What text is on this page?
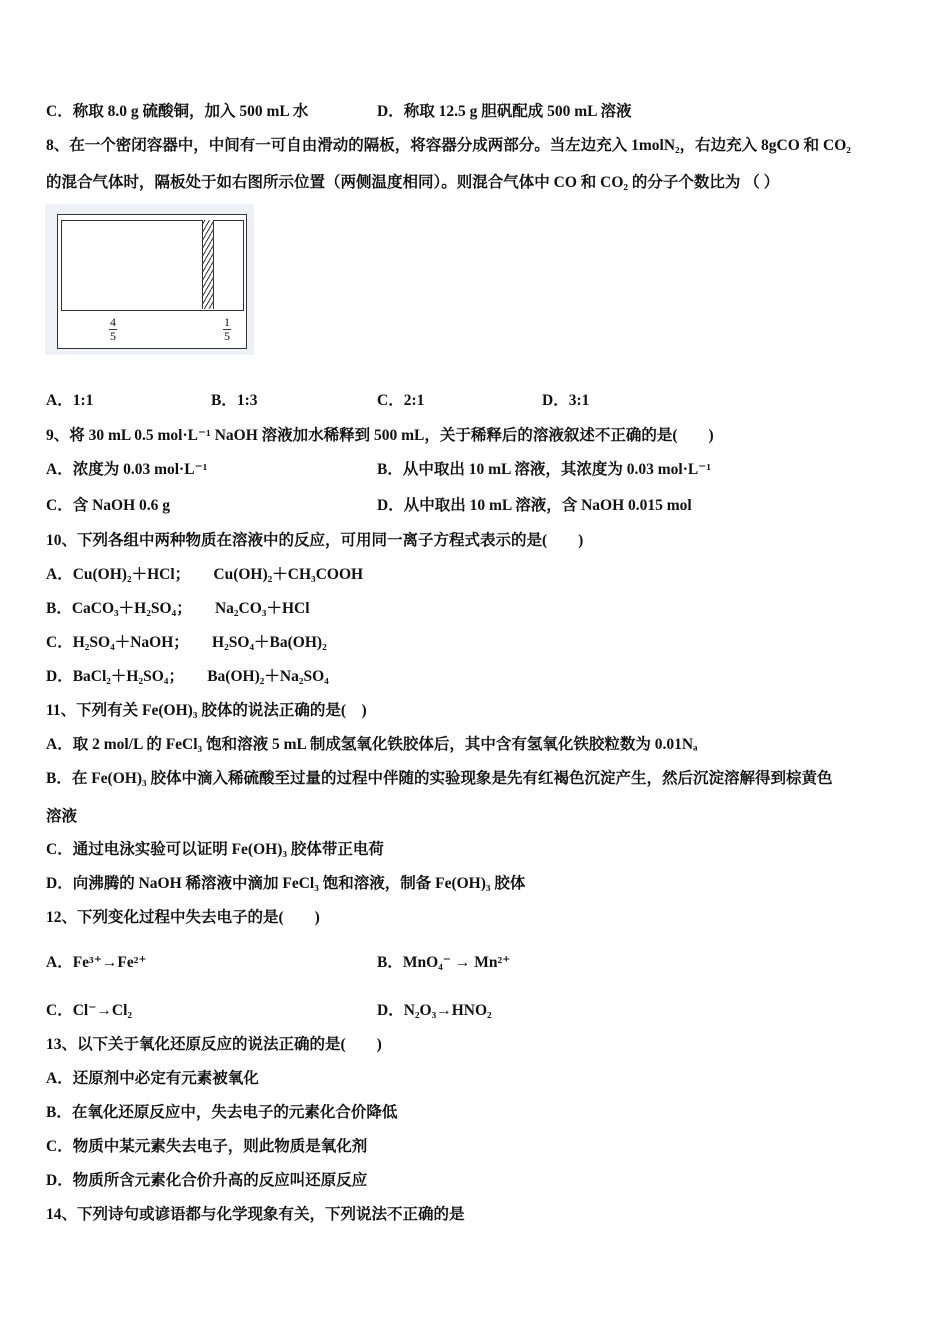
C．称取 8.0 g 硫酸铜，加入 500 mL 水	D．称取 12.5 g 胆矾配成 500 mL 溶液
8、在一个密闭容器中，中间有一可自由滑动的隔板，将容器分成两部分。当左边充入 1molN₂，右边充入 8gCO 和 CO₂
的混合气体时，隔板处于如右图所示位置（两侧温度相同）。则混合气体中 CO 和 CO₂ 的分子个数比为 （ ）
$\frac{4}{5}$	$\frac{1}{5}$
A．1:1	B．1:3	C．2:1	D．3:1
9、将 30 mL 0.5 mol·L⁻¹ NaOH 溶液加水稀释到 500 mL，关于稀释后的溶液叙述不正确的是(　　)
A．浓度为 0.03 mol·L⁻¹	B．从中取出 10 mL 溶液，其浓度为 0.03 mol·L⁻¹
C．含 NaOH 0.6 g	D．从中取出 10 mL 溶液，含 NaOH 0.015 mol
10、下列各组中两种物质在溶液中的反应，可用同一离子方程式表示的是(　　)
A．Cu(OH)₂＋HCl；　　Cu(OH)₂＋CH₃COOH
B．CaCO₃＋H₂SO₄；　　Na₂CO₃＋HCl
C．H₂SO₄＋NaOH；　　H₂SO₄＋Ba(OH)₂
D．BaCl₂＋H₂SO₄；　　Ba(OH)₂＋Na₂SO₄
11、下列有关 Fe(OH)₃ 胶体的说法正确的是(　)
A．取 2 mol/L 的 FeCl₃ 饱和溶液 5 mL 制成氢氧化铁胶体后，其中含有氢氧化铁胶粒数为 0.01Nₐ
B．在 Fe(OH)₃ 胶体中滴入稀硫酸至过量的过程中伴随的实验现象是先有红褐色沉淀产生，然后沉淀溶解得到棕黄色
溶液
C．通过电泳实验可以证明 Fe(OH)₃ 胶体带正电荷
D．向沸腾的 NaOH 稀溶液中滴加 FeCl₃ 饱和溶液，制备 Fe(OH)₃ 胶体
12、下列变化过程中失去电子的是(　　)
A．Fe³⁺→Fe²⁺	B．MnO₄⁻ → Mn²⁺
C．Cl⁻→Cl₂	D．N₂O₃→HNO₂
13、以下关于氧化还原反应的说法正确的是(　　)
A．还原剂中必定有元素被氧化
B．在氧化还原反应中，失去电子的元素化合价降低
C．物质中某元素失去电子，则此物质是氧化剂
D．物质所含元素化合价升高的反应叫还原反应
14、下列诗句或谚语都与化学现象有关，下列说法不正确的是
